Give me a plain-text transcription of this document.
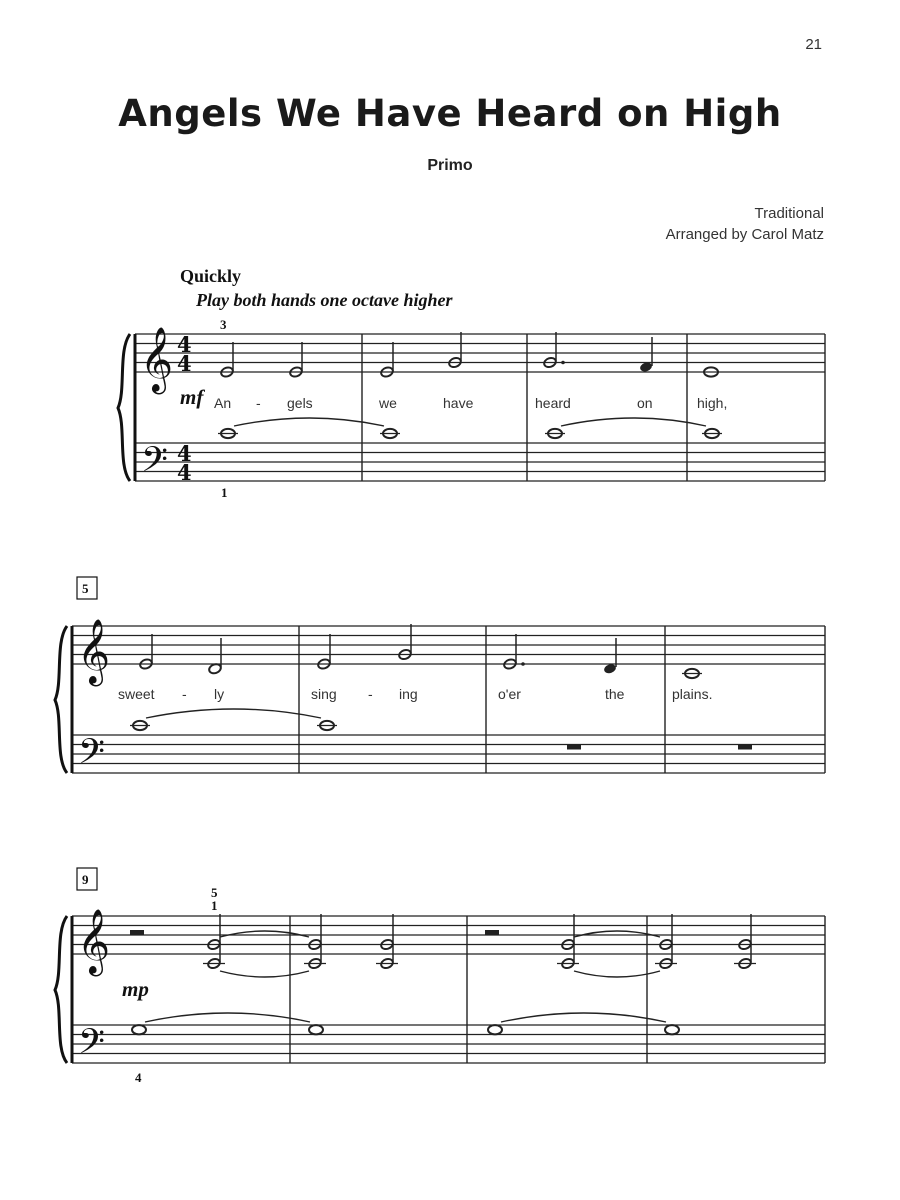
21
Angels We Have Heard on High
Primo
Traditional
Arranged by Carol Matz
Quickly
Play both hands one octave higher
𝄞
𝄢
4
4
4
4
3
1
mf An - gels	we	have	heard	on	high,
5
𝄞
𝄢
sweet - ly	sing - ing	o'er	the	plains.
9
𝄞
𝄢
5
1
4
mp
